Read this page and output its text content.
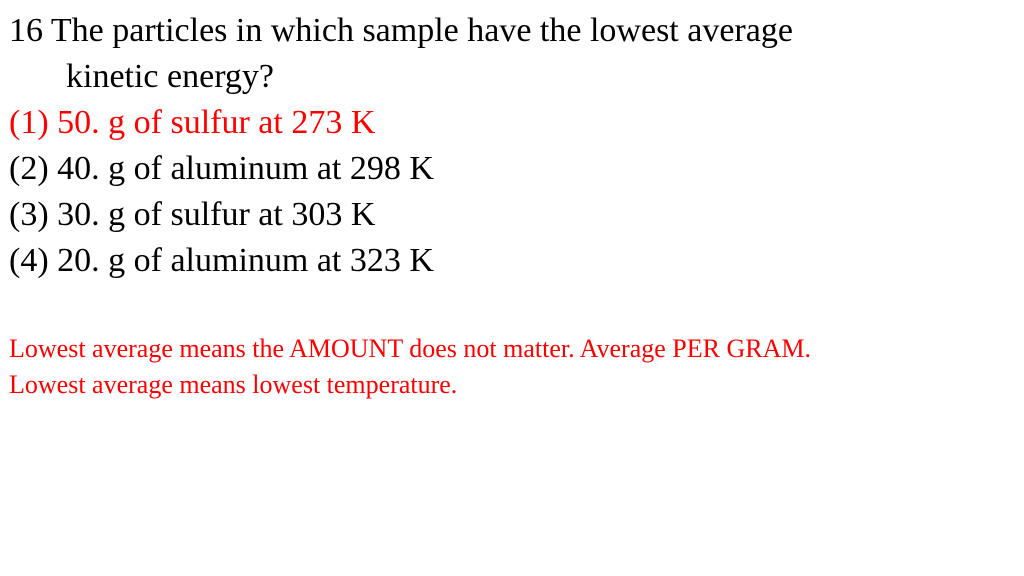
16 The particles in which sample have the lowest average
kinetic energy?
(1) 50. g of sulfur at 273 K
(2) 40. g of aluminum at 298 K
(3) 30. g of sulfur at 303 K
(4) 20. g of aluminum at 323 K
Lowest average means the AMOUNT does not matter. Average PER GRAM.
Lowest average means lowest temperature.
